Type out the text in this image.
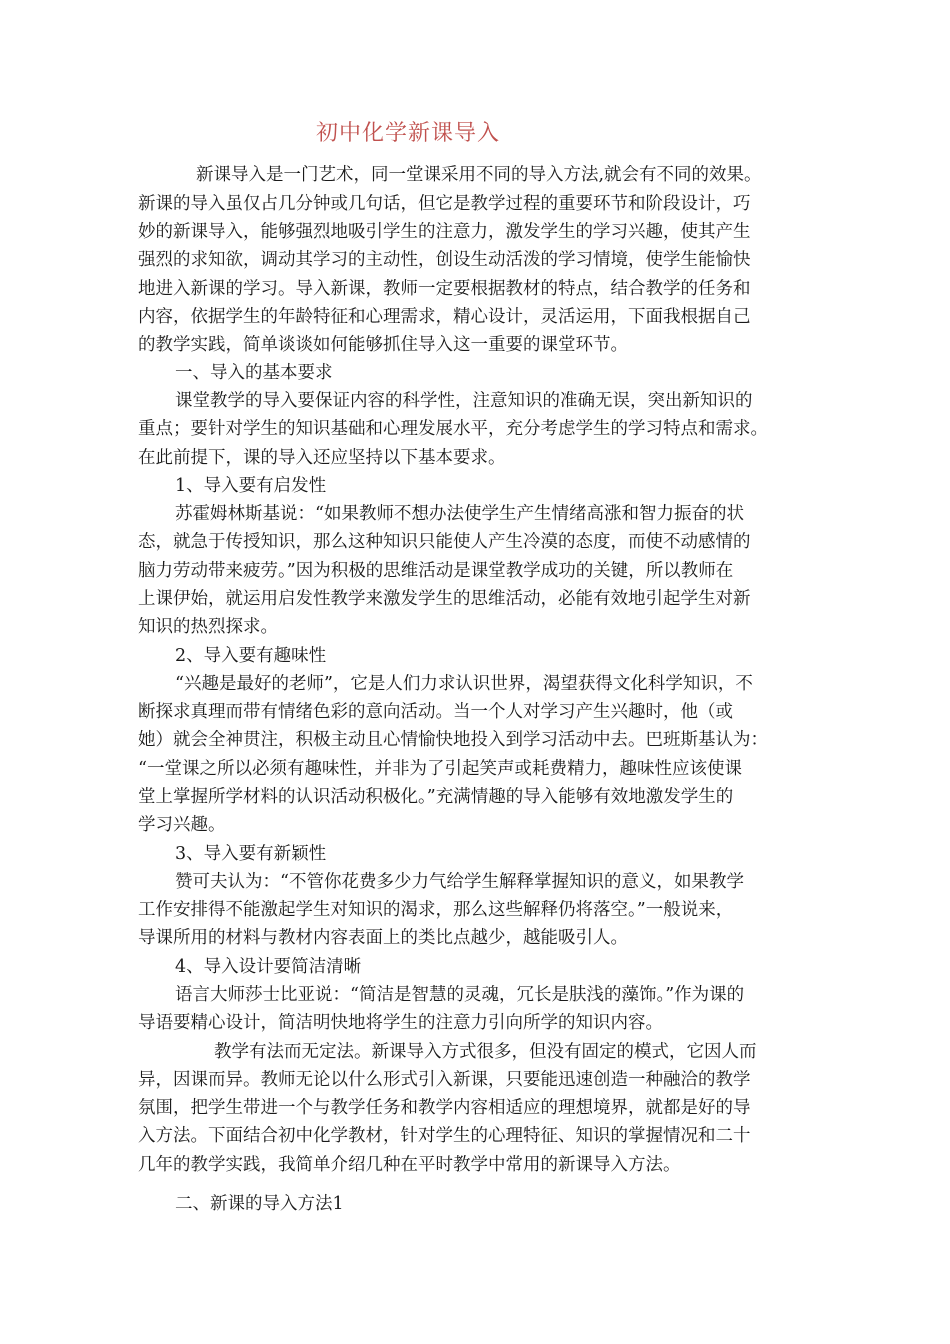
初中化学新课导入
新课导入是一门艺术，同一堂课采用不同的导入方法,就会有不同的效果。
新课的导入虽仅占几分钟或几句话，但它是教学过程的重要环节和阶段设计，巧
妙的新课导入，能够强烈地吸引学生的注意力，激发学生的学习兴趣，使其产生
强烈的求知欲，调动其学习的主动性，创设生动活泼的学习情境，使学生能愉快
地进入新课的学习。导入新课，教师一定要根据教材的特点，结合教学的任务和
内容，依据学生的年龄特征和心理需求，精心设计，灵活运用，下面我根据自己
的教学实践，简单谈谈如何能够抓住导入这一重要的课堂环节。
一、导入的基本要求
课堂教学的导入要保证内容的科学性，注意知识的准确无误，突出新知识的
重点；要针对学生的知识基础和心理发展水平，充分考虑学生的学习特点和需求。
在此前提下，课的导入还应坚持以下基本要求。
1、导入要有启发性
苏霍姆林斯基说：“如果教师不想办法使学生产生情绪高涨和智力振奋的状
态，就急于传授知识，那么这种知识只能使人产生冷漠的态度，而使不动感情的
脑力劳动带来疲劳。”因为积极的思维活动是课堂教学成功的关键，所以教师在
上课伊始，就运用启发性教学来激发学生的思维活动，必能有效地引起学生对新
知识的热烈探求。
2、导入要有趣味性
“兴趣是最好的老师”，它是人们力求认识世界，渴望获得文化科学知识，不
断探求真理而带有情绪色彩的意向活动。当一个人对学习产生兴趣时，他（或
她）就会全神贯注，积极主动且心情愉快地投入到学习活动中去。巴班斯基认为：
“一堂课之所以必须有趣味性，并非为了引起笑声或耗费精力，趣味性应该使课
堂上掌握所学材料的认识活动积极化。”充满情趣的导入能够有效地激发学生的
学习兴趣。
3、导入要有新颖性
赞可夫认为：“不管你花费多少力气给学生解释掌握知识的意义，如果教学
工作安排得不能激起学生对知识的渴求，那么这些解释仍将落空。”一般说来，
导课所用的材料与教材内容表面上的类比点越少，越能吸引人。
4、导入设计要简洁清晰
语言大师莎士比亚说：“简洁是智慧的灵魂，冗长是肤浅的藻饰。”作为课的
导语要精心设计，简洁明快地将学生的注意力引向所学的知识内容。
教学有法而无定法。新课导入方式很多，但没有固定的模式，它因人而
异，因课而异。教师无论以什么形式引入新课，只要能迅速创造一种融洽的教学
氛围，把学生带进一个与教学任务和教学内容相适应的理想境界，就都是好的导
入方法。下面结合初中化学教材，针对学生的心理特征、知识的掌握情况和二十
几年的教学实践，我简单介绍几种在平时教学中常用的新课导入方法。
二、新课的导入方法1
